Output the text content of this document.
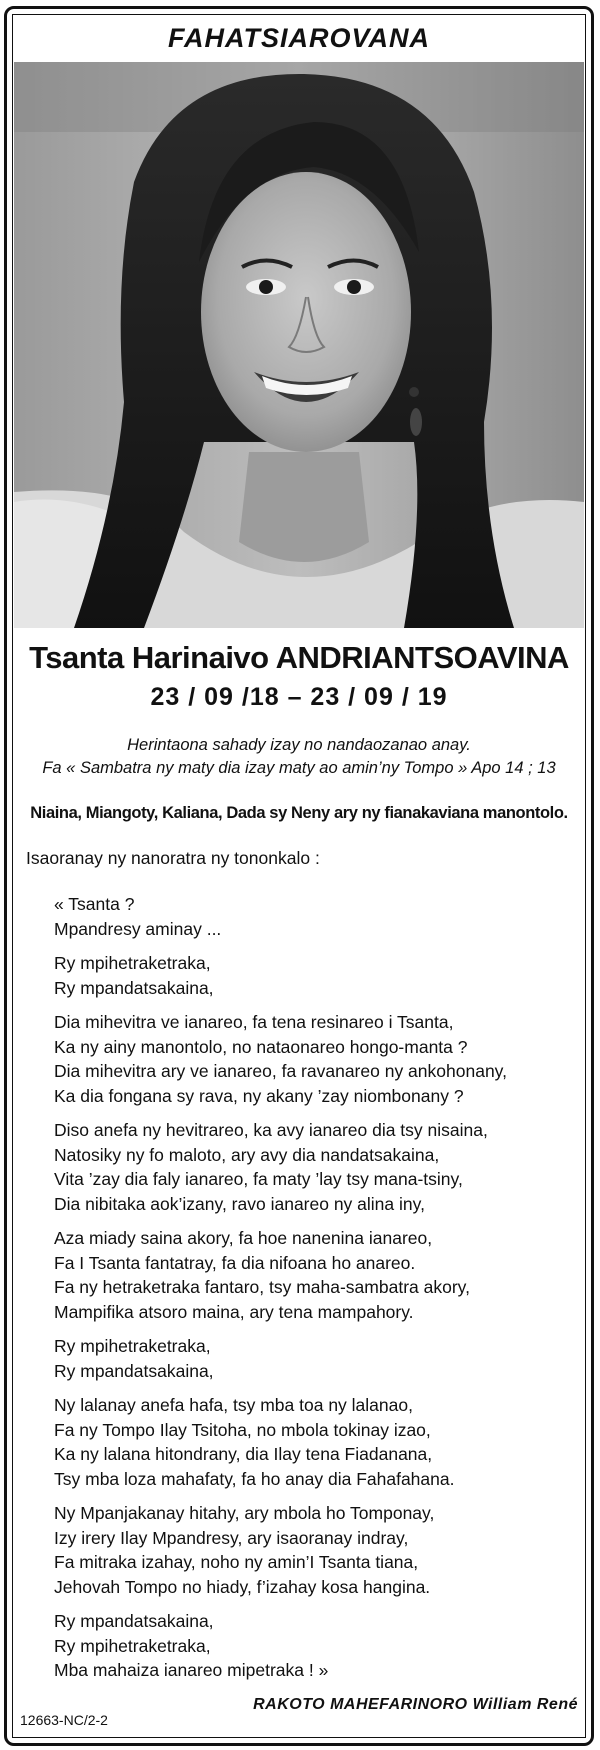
FAHATSIAROVANA
Tsanta Harinaivo ANDRIANTSOAVINA
23 / 09 /18 – 23 / 09 / 19
Herintaona sahady izay no nandaozanao anay.
Fa « Sambatra ny maty dia izay maty ao amin’ny Tompo » Apo 14 ; 13
Niaina, Miangoty, Kaliana, Dada sy Neny ary ny fianakaviana manontolo.
Isaoranay ny nanoratra ny tononkalo :
« Tsanta ?
Mpandresy aminay ...
Ry mpihetraketraka,
Ry mpandatsakaina,
Dia mihevitra ve ianareo, fa tena resinareo i Tsanta,
Ka ny ainy manontolo, no nataonareo hongo-manta ?
Dia mihevitra ary ve ianareo, fa ravanareo ny ankohonany,
Ka dia fongana sy rava, ny akany ’zay niombonany ?
Diso anefa ny hevitrareo, ka avy ianareo dia tsy nisaina,
Natosiky ny fo maloto, ary avy dia nandatsakaina,
Vita ’zay dia faly ianareo, fa maty ’lay tsy mana-tsiny,
Dia nibitaka aok’izany, ravo ianareo ny alina iny,
Aza miady saina akory, fa hoe nanenina ianareo,
Fa I Tsanta fantatray, fa dia nifoana ho anareo.
Fa ny hetraketraka fantaro, tsy maha-sambatra akory,
Mampifika atsoro maina, ary tena mampahory.
Ry mpihetraketraka,
Ry mpandatsakaina,
Ny lalanay anefa hafa, tsy mba toa ny lalanao,
Fa ny Tompo Ilay Tsitoha, no mbola tokinay izao,
Ka ny lalana hitondrany, dia Ilay tena Fiadanana,
Tsy mba loza mahafaty, fa ho anay dia Fahafahana.
Ny Mpanjakanay hitahy, ary mbola ho Tomponay,
Izy irery Ilay Mpandresy, ary isaoranay indray,
Fa mitraka izahay, noho ny amin’I Tsanta tiana,
Jehovah Tompo no hiady, f’izahay kosa hangina.
Ry mpandatsakaina,
Ry mpihetraketraka,
Mba mahaiza ianareo mipetraka ! »
RAKOTO MAHEFARINORO William René
12663-NC/2-2
